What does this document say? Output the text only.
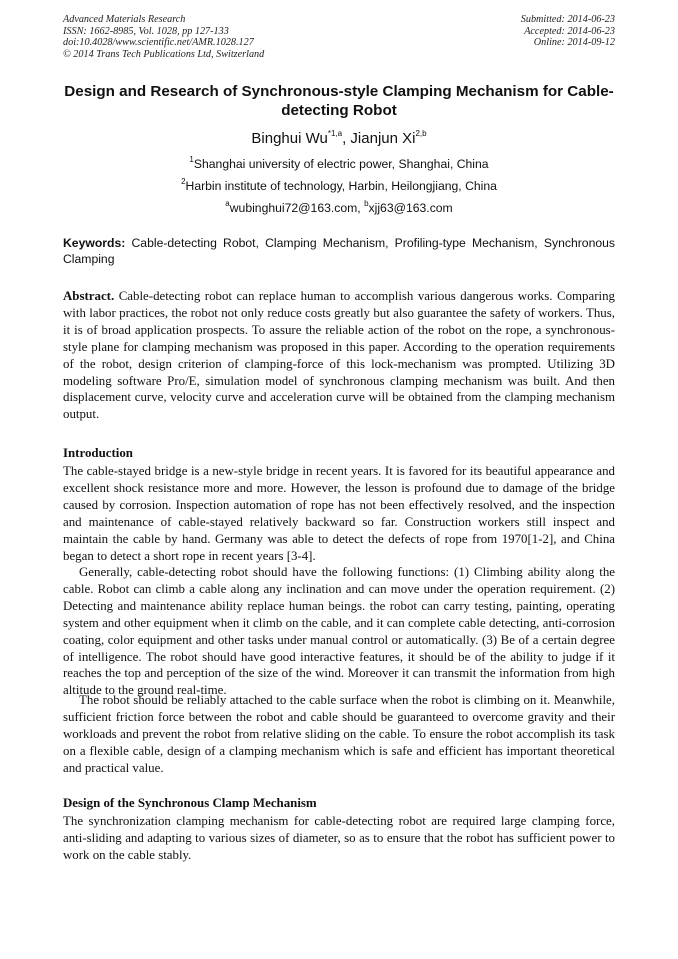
Advanced Materials Research
ISSN: 1662-8985, Vol. 1028, pp 127-133
doi:10.4028/www.scientific.net/AMR.1028.127
© 2014 Trans Tech Publications Ltd, Switzerland
Submitted: 2014-06-23
Accepted: 2014-06-23
Online: 2014-09-12
Design and Research of Synchronous-style Clamping Mechanism for Cable-detecting Robot
Binghui Wu$^{*1,a}$, Jianjun Xi$^{2,b}$
$^1$Shanghai university of electric power, Shanghai, China
$^2$Harbin institute of technology, Harbin, Heilongjiang, China
$^a$wubinghui72@163.com, $^b$xjj63@163.com
Keywords: Cable-detecting Robot, Clamping Mechanism, Profiling-type Mechanism, Synchronous Clamping
Abstract. Cable-detecting robot can replace human to accomplish various dangerous works. Comparing with labor practices, the robot not only reduce costs greatly but also guarantee the safety of workers. Thus, it is of broad application prospects. To assure the reliable action of the robot on the rope, a synchronous-style plane for clamping mechanism was proposed in this paper. According to the operation requirements of the robot, design criterion of clamping-force of this lock-mechanism was prompted. Utilizing 3D modeling software Pro/E, simulation model of synchronous clamping mechanism was built. And then displacement curve, velocity curve and acceleration curve will be obtained from the clamping mechanism output.
Introduction
The cable-stayed bridge is a new-style bridge in recent years. It is favored for its beautiful appearance and excellent shock resistance more and more. However, the lesson is profound due to damage of the bridge caused by corrosion. Inspection automation of rope has not been effectively resolved, and the inspection and maintenance of cable-stayed relatively backward so far. Construction workers still inspect and maintain the cable by hand. Germany was able to detect the defects of rope from 1970[1-2], and China began to detect a short rope in recent years [3-4].
Generally, cable-detecting robot should have the following functions: (1) Climbing ability along the cable. Robot can climb a cable along any inclination and can move under the operation requirement. (2) Detecting and maintenance ability replace human beings. the robot can carry testing, painting, operating system and other equipment when it climb on the cable, and it can complete cable detecting, anti-corrosion coating, color equipment and other tasks under manual control or automatically. (3) Be of a certain degree of intelligence. The robot should have good interactive features, it should be of the ability to judge if it reaches the top and perception of the size of the wind. Moreover it can transmit the information from high altitude to the ground real-time.
The robot should be reliably attached to the cable surface when the robot is climbing on it. Meanwhile, sufficient friction force between the robot and cable should be guaranteed to overcome gravity and their workloads and prevent the robot from relative sliding on the cable. To ensure the robot accomplish its task on a flexible cable, design of a clamping mechanism which is safe and efficient has important theoretical and practical value.
Design of the Synchronous Clamp Mechanism
The synchronization clamping mechanism for cable-detecting robot are required large clamping force, anti-sliding and adapting to various sizes of diameter, so as to ensure that the robot has sufficient power to work on the cable stably.
